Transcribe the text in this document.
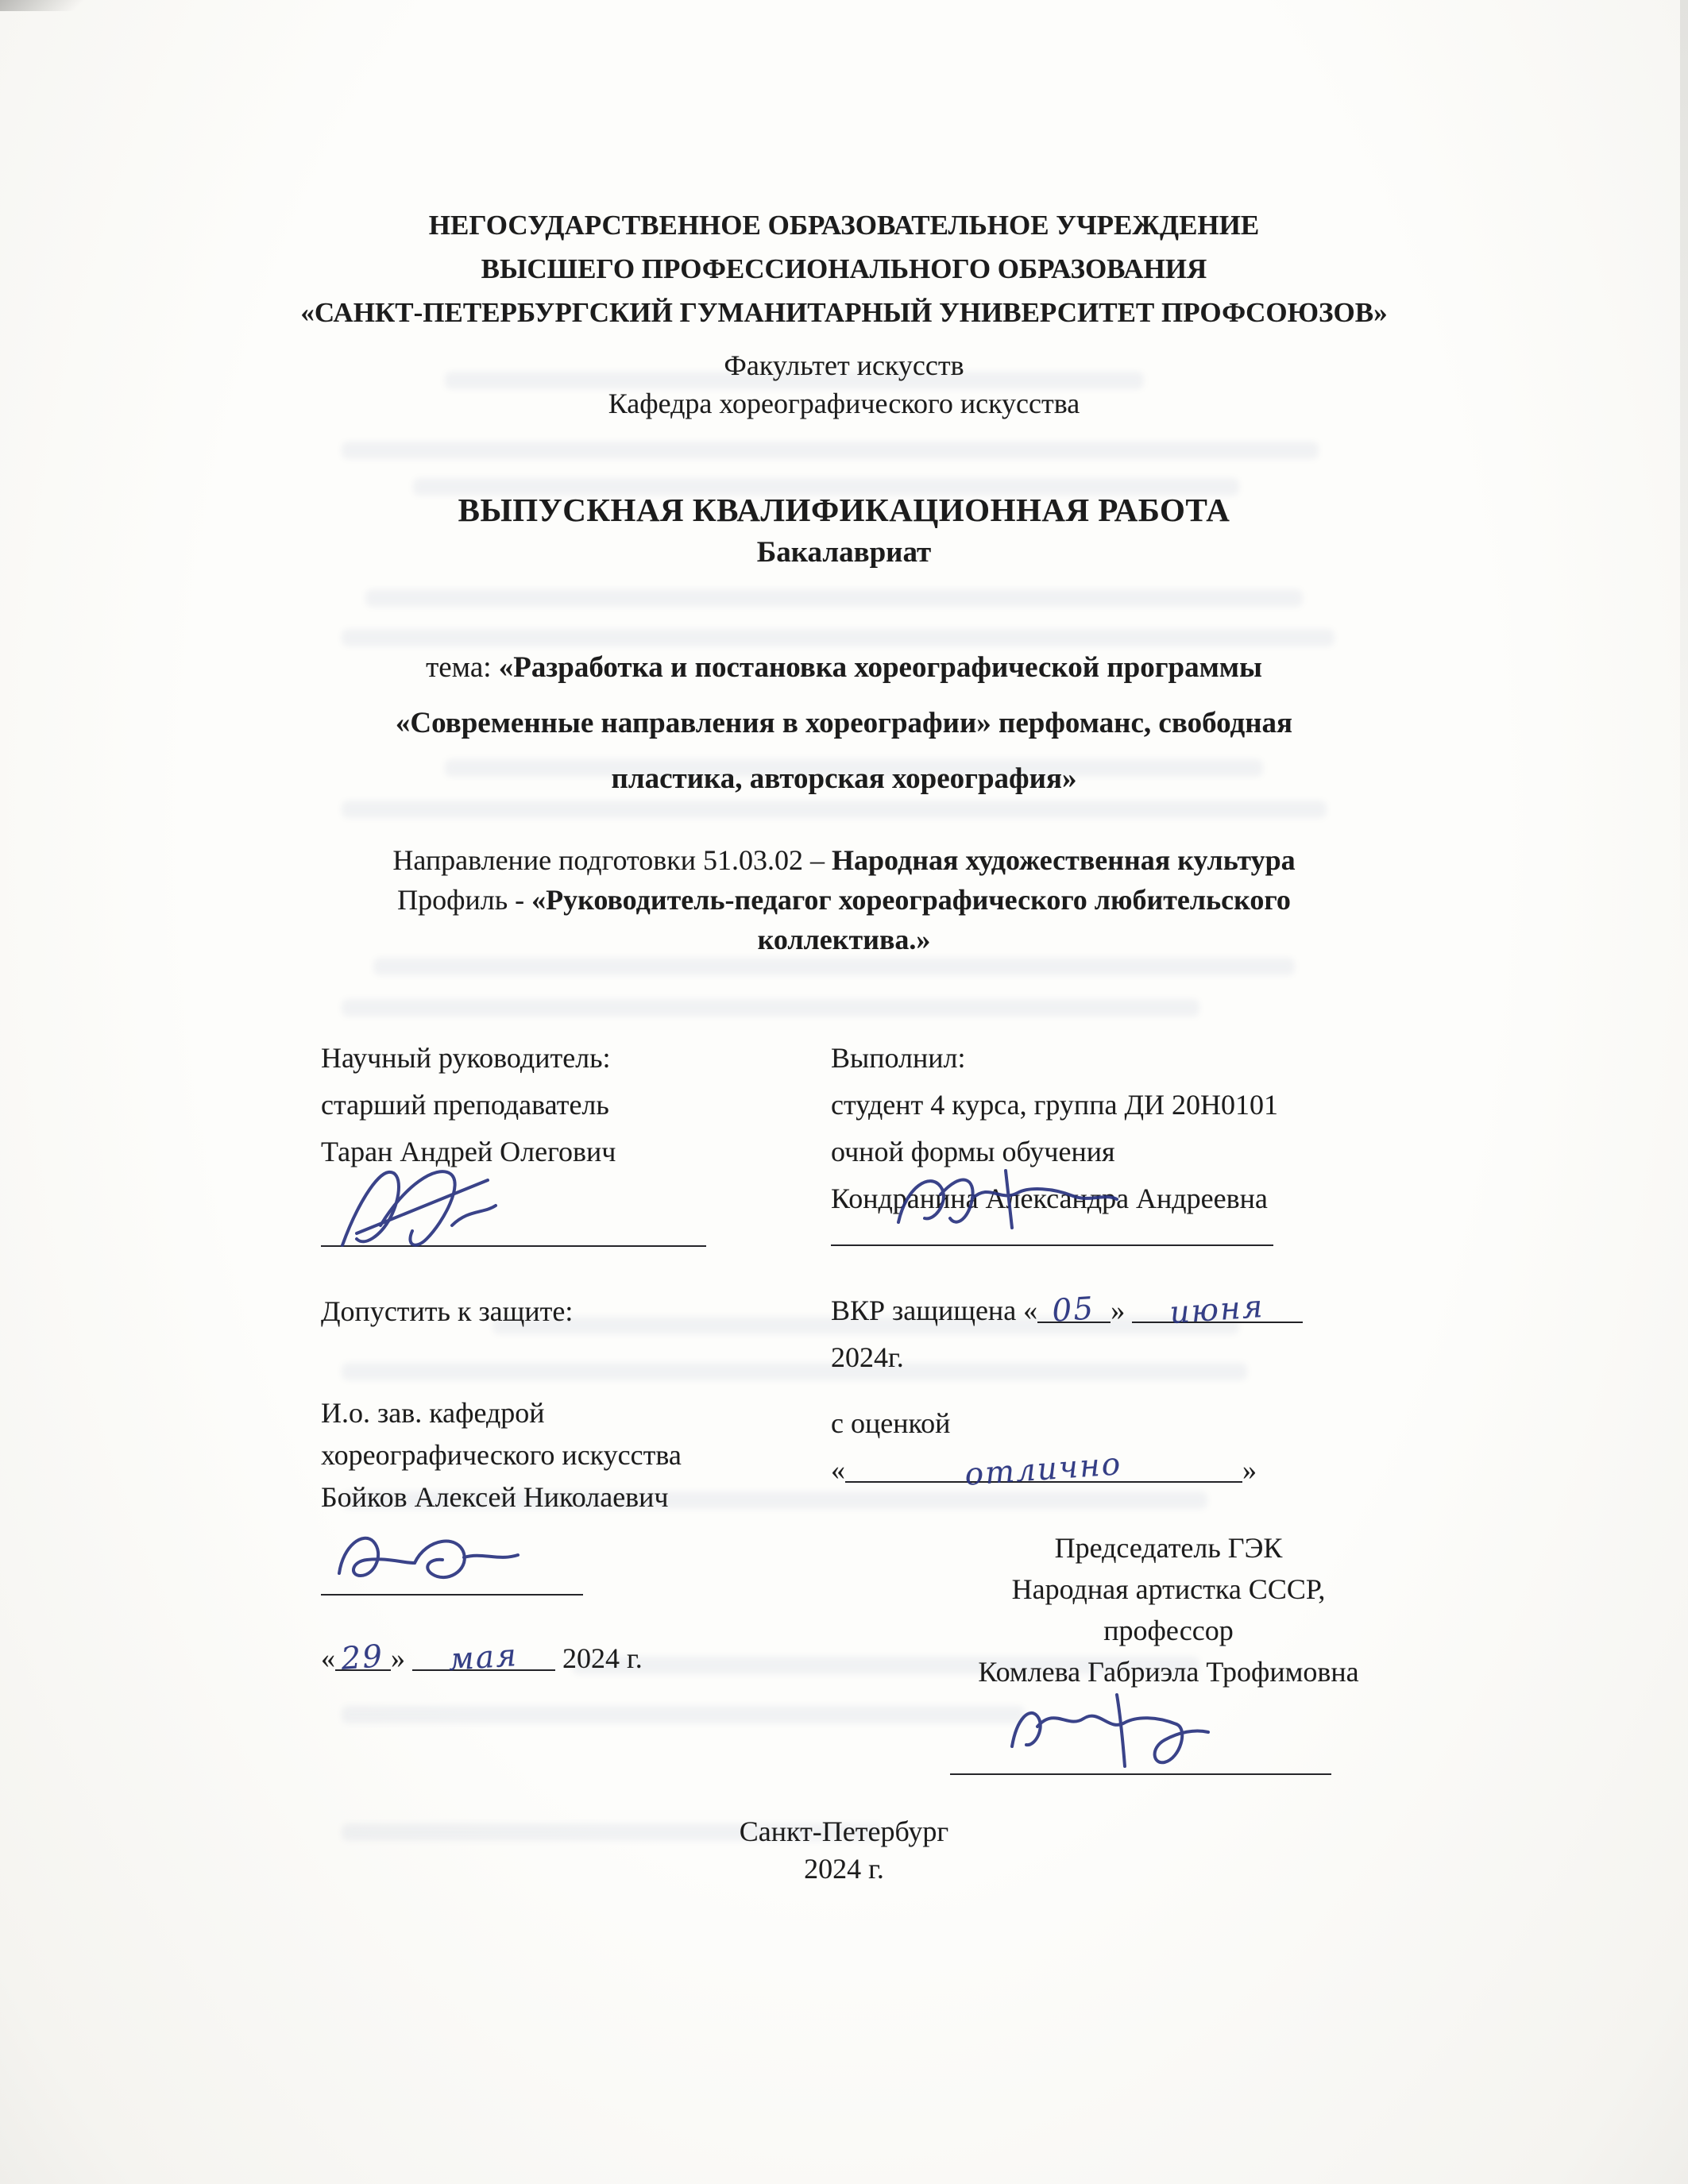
НЕГОСУДАРСТВЕННОЕ ОБРАЗОВАТЕЛЬНОЕ УЧРЕЖДЕНИЕ
ВЫСШЕГО ПРОФЕССИОНАЛЬНОГО ОБРАЗОВАНИЯ
«САНКТ-ПЕТЕРБУРГСКИЙ ГУМАНИТАРНЫЙ УНИВЕРСИТЕТ ПРОФСОЮЗОВ»
Факультет искусств
Кафедра хореографического искусства
ВЫПУСКНАЯ КВАЛИФИКАЦИОННАЯ РАБОТА
Бакалавриат
тема: «Разработка и постановка хореографической программы
«Современные направления в хореографии» перфоманс, свободная
пластика, авторская хореография»
Направление подготовки 51.03.02 – Народная художественная культура
Профиль - «Руководитель-педагог хореографического любительского
коллектива.»
Научный руководитель:
старший преподаватель
Таран Андрей Олегович
Допустить к защите:
И.о. зав. кафедрой
хореографического искусства
Бойков Алексей Николаевич
« 29 » мая 2024 г.
Выполнил:
студент 4 курса, группа ДИ 20Н0101
очной формы обучения
Кондранина Александра Андреевна
ВКР защищена « 05 » июня
2024г.
с оценкой
«	отлично	»
Председатель ГЭК
Народная артистка СССР, профессор
Комлева Габриэла Трофимовна
Санкт-Петербург
2024 г.
